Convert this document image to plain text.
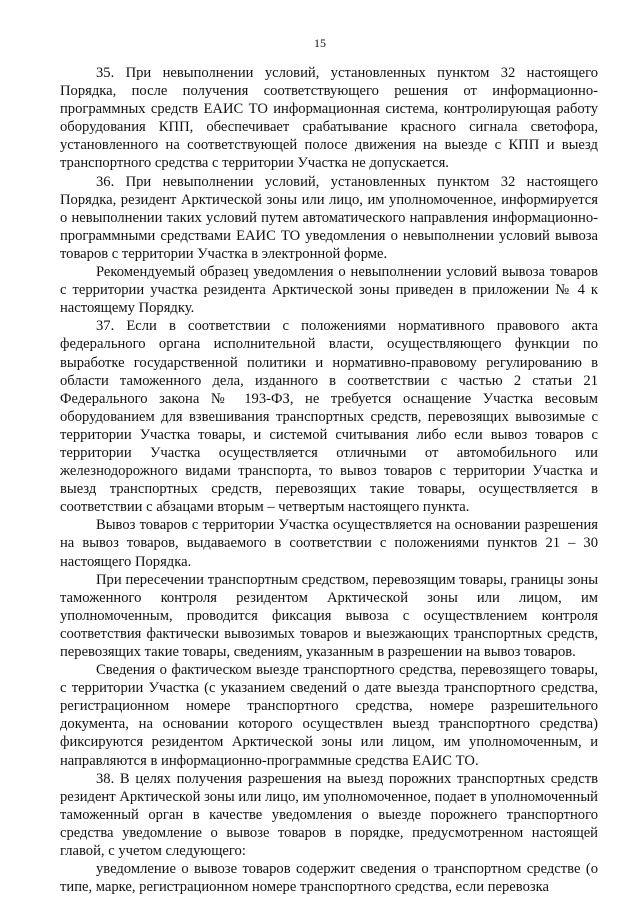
15

35. При невыполнении условий, установленных пунктом 32 настоящего Порядка, после получения соответствующего решения от информационно-программных средств ЕАИС ТО информационная система, контролирующая работу оборудования КПП, обеспечивает срабатывание красного сигнала светофора, установленного на соответствующей полосе движения на выезде с КПП и выезд транспортного средства с территории Участка не допускается.

36. При невыполнении условий, установленных пунктом 32 настоящего Порядка, резидент Арктической зоны или лицо, им уполномоченное, информируется о невыполнении таких условий путем автоматического направления информационно-программными средствами ЕАИС ТО уведомления о невыполнении условий вывоза товаров с территории Участка в электронной форме.

Рекомендуемый образец уведомления о невыполнении условий вывоза товаров с территории участка резидента Арктической зоны приведен в приложении № 4 к настоящему Порядку.

37. Если в соответствии с положениями нормативного правового акта федерального органа исполнительной власти, осуществляющего функции по выработке государственной политики и нормативно-правовому регулированию в области таможенного дела, изданного в соответствии с частью 2 статьи 21 Федерального закона № 193-ФЗ, не требуется оснащение Участка весовым оборудованием для взвешивания транспортных средств, перевозящих вывозимые с территории Участка товары, и системой считывания либо если вывоз товаров с территории Участка осуществляется отличными от автомобильного или железнодорожного видами транспорта, то вывоз товаров с территории Участка и выезд транспортных средств, перевозящих такие товары, осуществляется в соответствии с абзацами вторым – четвертым настоящего пункта.

Вывоз товаров с территории Участка осуществляется на основании разрешения на вывоз товаров, выдаваемого в соответствии с положениями пунктов 21 – 30 настоящего Порядка.

При пересечении транспортным средством, перевозящим товары, границы зоны таможенного контроля резидентом Арктической зоны или лицом, им уполномоченным, проводится фиксация вывоза с осуществлением контроля соответствия фактически вывозимых товаров и выезжающих транспортных средств, перевозящих такие товары, сведениям, указанным в разрешении на вывоз товаров.

Сведения о фактическом выезде транспортного средства, перевозящего товары, с территории Участка (с указанием сведений о дате выезда транспортного средства, регистрационном номере транспортного средства, номере разрешительного документа, на основании которого осуществлен выезд транспортного средства) фиксируются резидентом Арктической зоны или лицом, им уполномоченным, и направляются в информационно-программные средства ЕАИС ТО.

38. В целях получения разрешения на выезд порожних транспортных средств резидент Арктической зоны или лицо, им уполномоченное, подает в уполномоченный таможенный орган в качестве уведомления о выезде порожнего транспортного средства уведомление о вывозе товаров в порядке, предусмотренном настоящей главой, с учетом следующего:

уведомление о вывозе товаров содержит сведения о транспортном средстве (о типе, марке, регистрационном номере транспортного средства, если перевозка
